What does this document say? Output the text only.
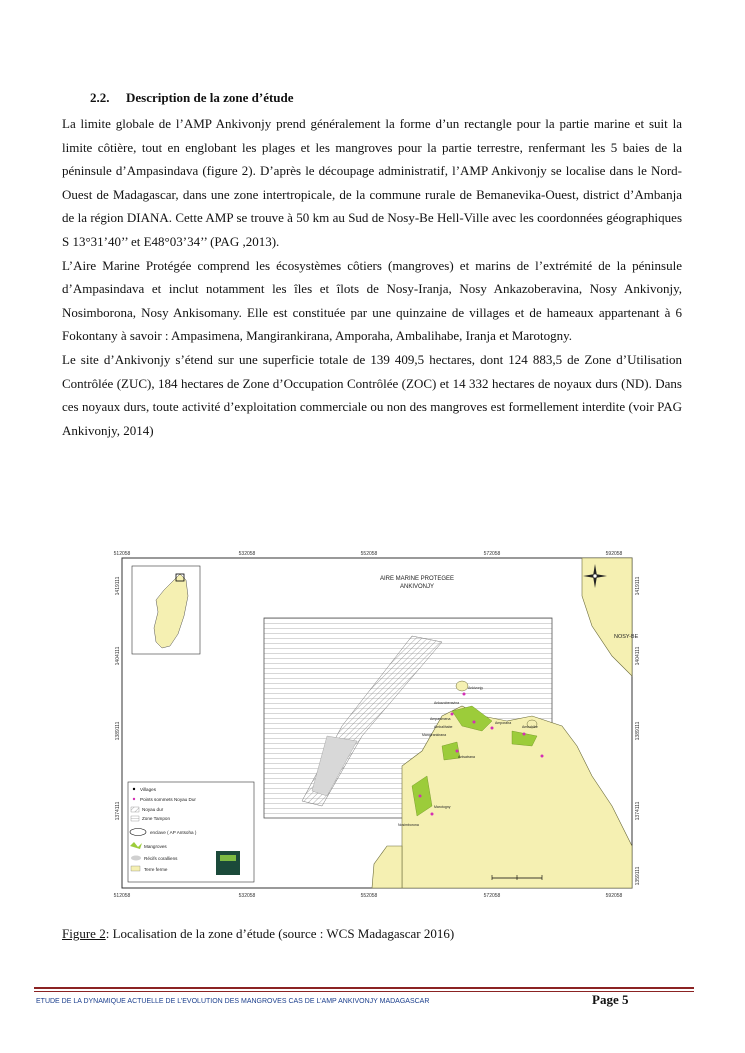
2.2. Description de la zone d’étude

La limite globale de l’AMP Ankivonjy prend généralement la forme d’un rectangle pour la partie marine et suit la limite côtière, tout en englobant les plages et les mangroves pour la partie terrestre, renfermant les 5 baies de la péninsule d’Ampasindava (figure 2). D’après le découpage administratif, l’AMP Ankivonjy se localise dans le Nord-Ouest de Madagascar, dans une zone intertropicale, de la commune rurale de Bemanevika-Ouest, district d’Ambanja de la région DIANA. Cette AMP se trouve à 50 km au Sud de Nosy-Be Hell-Ville avec les coordonnées géographiques S 13°31’40’’ et E48°03’34’’ (PAG ,2013).

L’Aire Marine Protégée comprend les écosystèmes côtiers (mangroves) et marins de l’extrémité de la péninsule d’Ampasindava et inclut notamment les îles et îlots de Nosy-Iranja, Nosy Ankazoberavina, Nosy Ankivonjy, Nosimborona, Nosy Ankisomany. Elle est constituée par une quinzaine de villages et de hameaux appartenant à 6 Fokontany à savoir : Ampasimena, Mangirankirana, Amporaha, Ambalihabe, Iranja et Marotogny.

Le site d’Ankivonjy s’étend sur une superficie totale de 139 409,5 hectares, dont 124 883,5 de Zone d’Utilisation Contrôlée (ZUC), 184 hectares de Zone d’Occupation Contrôlée (ZOC) et 14 332 hectares de noyaux durs (ND). Dans ces noyaux durs, toute activité d’exploitation commerciale ou non des mangroves est formellement interdite (voir PAG Ankivonjy, 2014)

512058	532058	552058	572058	592058
512058	532058	552058	572058	592058
1419111
1404111
1389111
1374111
1419111
1404111
1389111
1374111
1359111
NOSY-BE
Ankazoberavina
Ampasimena
Ambalihabe
Mangirankirana
Amporaha
Ambohibe
Ankivonjy
Antsatrana
Marotogny
Nosimborona
AIRE MARINE PROTEGEE
ANKIVONJY
Villages
Points sommets Noyau Dur
Noyau dur
Zone Tampon
enclave ( AP Antsoha )
Mangroves
Récifs coralliens
Terre ferme
Figure 2: Localisation de la zone d’étude (source : WCS Madagascar 2016)
ETUDE DE LA DYNAMIQUE ACTUELLE DE L’EVOLUTION DES MANGROVES CAS DE L’AMP ANKIVONJY MADAGASCAR	Page 5
